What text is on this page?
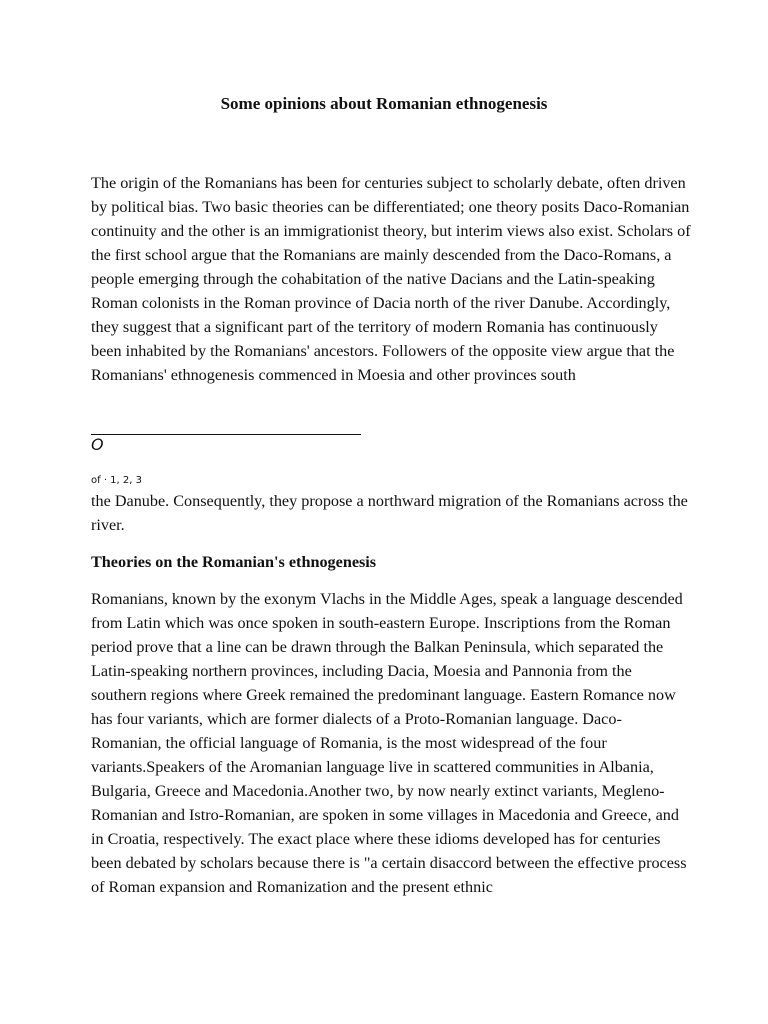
Some opinions about Romanian ethnogenesis

The origin of the Romanians has been for centuries subject to scholarly debate, often driven by political bias. Two basic theories can be differentiated; one theory posits Daco-Romanian continuity and the other is an immigrationist theory, but interim views also exist. Scholars of the first school argue that the Romanians are mainly descended from the Daco-Romans, a people emerging through the cohabitation of the native Dacians and the Latin-speaking Roman colonists in the Roman province of Dacia north of the river Danube. Accordingly, they suggest that a significant part of the territory of modern Romania has continuously been inhabited by the Romanians' ancestors. Followers of the opposite view argue that the Romanians' ethnogenesis commenced in Moesia and other provinces south

O
of · 1, 2, 3

the Danube. Consequently, they propose a northward migration of the Romanians across the river.

Theories on the Romanian's ethnogenesis

Romanians, known by the exonym Vlachs in the Middle Ages, speak a language descended from Latin which was once spoken in south-eastern Europe. Inscriptions from the Roman period prove that a line can be drawn through the Balkan Peninsula, which separated the Latin-speaking northern provinces, including Dacia, Moesia and Pannonia from the southern regions where Greek remained the predominant language. Eastern Romance now has four variants, which are former dialects of a Proto-Romanian language. Daco-Romanian, the official language of Romania, is the most widespread of the four variants.Speakers of the Aromanian language live in scattered communities in Albania, Bulgaria, Greece and Macedonia.Another two, by now nearly extinct variants, Megleno-Romanian and Istro-Romanian, are spoken in some villages in Macedonia and Greece, and in Croatia, respectively. The exact place where these idioms developed has for centuries been debated by scholars because there is "a certain disaccord between the effective process of Roman expansion and Romanization and the present ethnic
